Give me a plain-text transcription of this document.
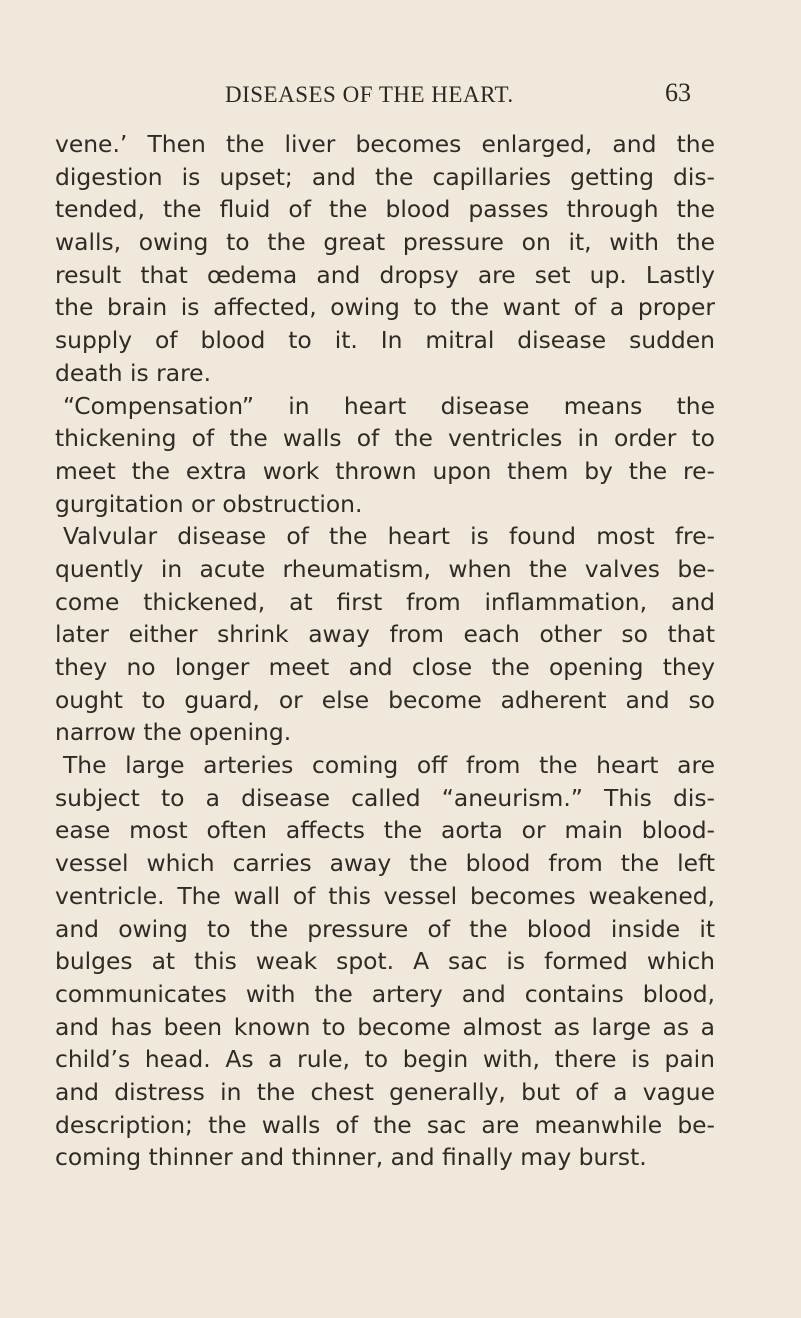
DISEASES OF THE HEART.	63
vene.’ Then the liver becomes enlarged, and the
digestion is upset; and the capillaries getting dis-
tended, the fluid of the blood passes through the
walls, owing to the great pressure on it, with the
result that œdema and dropsy are set up. Lastly
the brain is affected, owing to the want of a proper
supply of blood to it. In mitral disease sudden
death is rare.
“Compensation” in heart disease means the
thickening of the walls of the ventricles in order to
meet the extra work thrown upon them by the re-
gurgitation or obstruction.
Valvular disease of the heart is found most fre-
quently in acute rheumatism, when the valves be-
come thickened, at first from inflammation, and
later either shrink away from each other so that
they no longer meet and close the opening they
ought to guard, or else become adherent and so
narrow the opening.
The large arteries coming off from the heart are
subject to a disease called “aneurism.” This dis-
ease most often affects the aorta or main blood-
vessel which carries away the blood from the left
ventricle. The wall of this vessel becomes weakened,
and owing to the pressure of the blood inside it
bulges at this weak spot. A sac is formed which
communicates with the artery and contains blood,
and has been known to become almost as large as a
child’s head. As a rule, to begin with, there is pain
and distress in the chest generally, but of a vague
description; the walls of the sac are meanwhile be-
coming thinner and thinner, and finally may burst.
